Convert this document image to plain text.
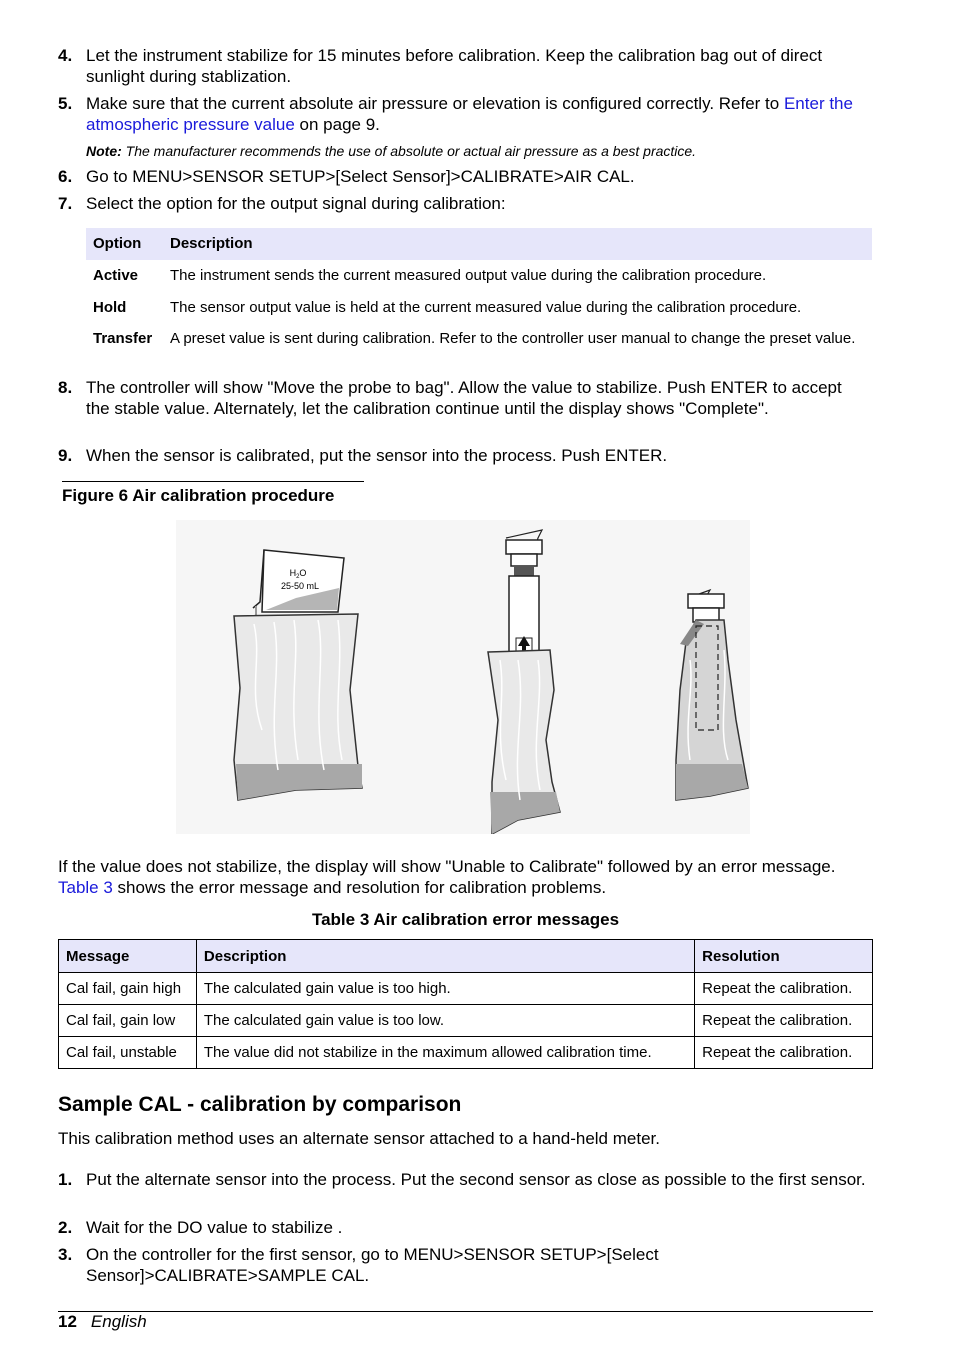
4. Let the instrument stabilize for 15 minutes before calibration. Keep the calibration bag out of direct sunlight during stablization.
5. Make sure that the current absolute air pressure or elevation is configured correctly. Refer to Enter the atmospheric pressure value on page 9.
Note: The manufacturer recommends the use of absolute or actual air pressure as a best practice.
6. Go to MENU>SENSOR SETUP>[Select Sensor]>CALIBRATE>AIR CAL.
7. Select the option for the output signal during calibration:
Option Description
Active The instrument sends the current measured output value during the calibration procedure.
Hold	The sensor output value is held at the current measured value during the calibration procedure.
Transfer A preset value is sent during calibration. Refer to the controller user manual to change the preset value.
8. The controller will show "Move the probe to bag". Allow the value to stabilize. Push ENTER to accept the stable value. Alternately, let the calibration continue until the display shows "Complete".
9. When the sensor is calibrated, put the sensor into the process. Push ENTER.
Figure 6 Air calibration procedure
$H_2O$
25-50 mL
If the value does not stabilize, the display will show "Unable to Calibrate" followed by an error message. Table 3 shows the error message and resolution for calibration problems.
Table 3 Air calibration error messages
Message	Description	Resolution
Cal fail, gain high	The calculated gain value is too high.	Repeat the calibration.
Cal fail, gain low	The calculated gain value is too low.	Repeat the calibration.
Cal fail, unstable	The value did not stabilize in the maximum allowed calibration time.	Repeat the calibration.
Sample CAL - calibration by comparison
This calibration method uses an alternate sensor attached to a hand-held meter.
1. Put the alternate sensor into the process. Put the second sensor as close as possible to the first sensor.
2. Wait for the DO value to stabilize .
3. On the controller for the first sensor, go to MENU>SENSOR SETUP>[Select Sensor]>CALIBRATE>SAMPLE CAL.
12 English
